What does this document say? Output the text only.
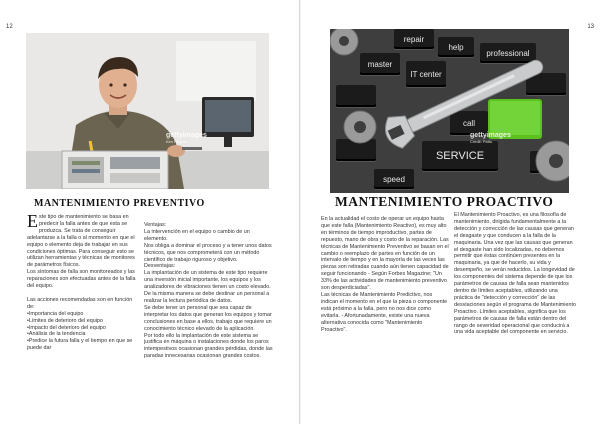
12
gettyimages
Kim Rogers
MANTENIMIENTO PREVENTIVO
E ste tipo de mantenimiento se basa en predecir la falla antes de que esta se produzca. Se trata de conseguir adelantarse a la falla o al momento en que el equipo o elemento deja de trabajar en sus condiciones óptimas. Para conseguir esto se utilizan herramientas y técnicas de monitores de parámetros físicos.
Los síntomas de falla son monitoreados y las reparaciones son efectuadas antes de la falla del equipo.

Las acciones recomendadas son en función de:
•Importancia del equipo
•Límites de deterioro del equipo
•Impacto del deterioro del equipo
•Análisis de la tendencia
•Predice la futura falla y el tiempo en que se puede dar

Ventajas:
La intervención en el equipo o cambio de un elemento.
Nos obliga a dominar el proceso y a tener unos datos técnicos, que nos comprometerá con un método científico de trabajo riguroso y objetivo.
Desventajas:
La implantación de un sistema de este tipo requiere una inversión inicial importante, los equipos y los analizadores de vibraciones tienen un costo elevado. De la misma manera se debe destinar un personal a realizar la lectura periódica de datos.
Se debe tener un personal que sea capaz de interpretar los datos que generan los equipos y tomar conclusiones en base a ellos, trabajo que requiere un conocimiento técnico elevado de la aplicación.
Por todo ello la implantación de este sistema se justifica en máquina o instalaciones donde los paros intempestivos ocasionan grandes pérdidas, donde las paradas innecesarias ocasionan grandes costos.

13
repair
help
professional
master
IT center
call
SERVICE
speed
gettyimages
Credit: Palto
MANTENIMIENTO PROACTIVO

En la actualidad el costo de operar un equipo hasta que este falla (Mantenimiento Reactivo), es muy alto en términos de tiempo improductivo, partes de repuesto, mano de obra y costo de la reparación. Las técnicas de Mantenimiento Preventivo se basan en el cambio o reemplazo de partes en función de un intervalo de tiempo y en la mayoría de las veces las piezas son retiradas cuando aún tienen capacidad de seguir funcionando - Según Forbes Magazine; "Un 33% de las actividades de mantenimiento preventivo son desperdiciadas".
Las técnicas de Mantenimiento Predictivo, nos indican el momento en el que la pieza o componente está próximo a la falla, pero no nos dice como evitarla. - Afortunadamente, existe una nueva alternativa conocida como "Mantenimiento Proactivo".

El Mantenimiento Proactivo, es una filosofía de mantenimiento, dirigida fundamentalmente a la detección y corrección de las causas que generan el desgaste y que conducen a la falla de la maquinaria. Una vez que las causas que generan el desgaste han sido localizadas, no debemos permitir que éstas continúen presentes en la maquinaria, ya que de hacerlo, su vida y desempeño, se verán reducidos. La longevidad de los componentes del sistema depende de que los parámetros de causas de falla sean mantenidos dentro de límites aceptables, utilizando una práctica de "detección y corrección" de las desviaciones según el programa de Mantenimiento Proactivo. Límites aceptables, significa que los parámetros de causas de falla están dentro del rango de severidad operacional que conducirá a una vida aceptable del componente en servicio.
